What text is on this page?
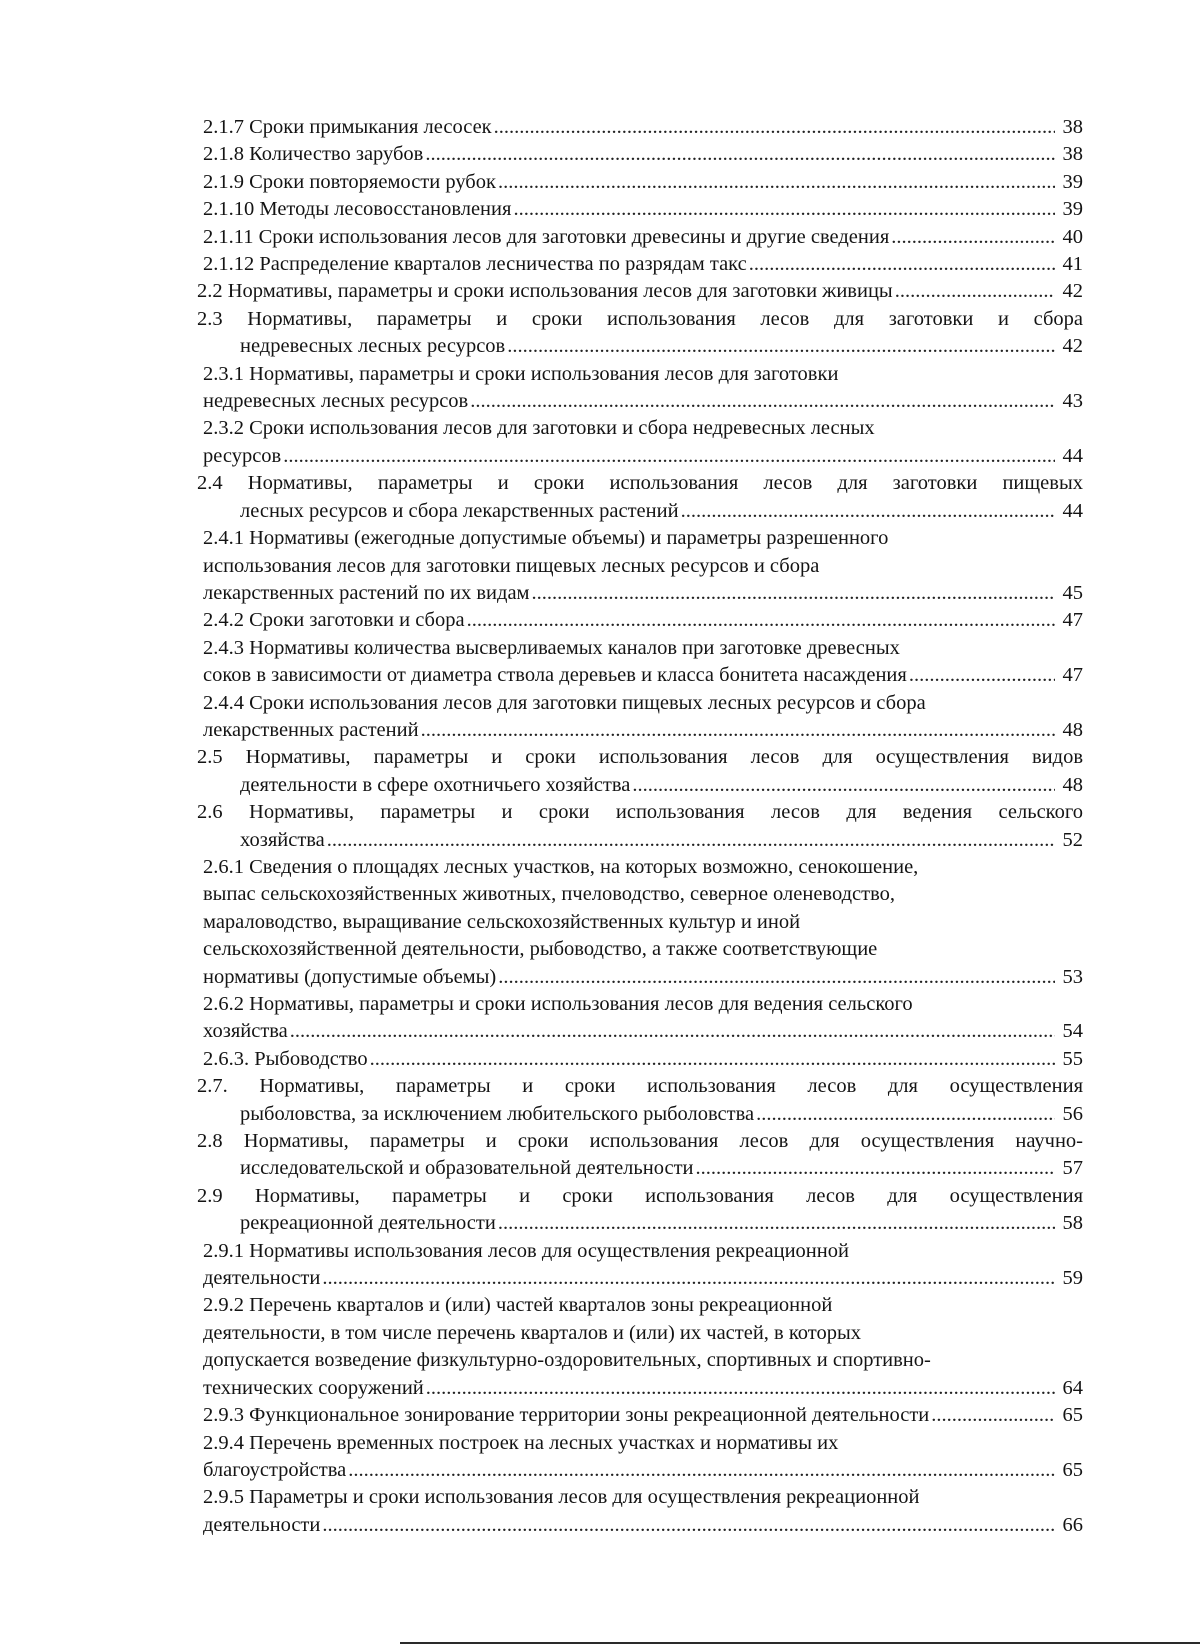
2.1.7 Сроки примыкания лесосек .....	38
2.1.8 Количество зарубов .....	38
2.1.9 Сроки повторяемости рубок .....	39
2.1.10 Методы лесовосстановления .....	39
2.1.11 Сроки использования лесов для заготовки древесины и другие сведения .....	40
2.1.12 Распределение кварталов лесничества по разрядам такс .....	41
2.2 Нормативы, параметры и сроки использования лесов для заготовки живицы .....	42
2.3 Нормативы, параметры и сроки использования лесов для заготовки и сбора
недревесных лесных ресурсов .....	42
2.3.1 Нормативы, параметры и сроки использования лесов для заготовки
недревесных лесных ресурсов .....	43
2.3.2 Сроки использования лесов для заготовки и сбора недревесных лесных
ресурсов .....	44
2.4 Нормативы, параметры и сроки использования лесов для заготовки пищевых
лесных ресурсов и сбора лекарственных растений .....	44
2.4.1 Нормативы (ежегодные допустимые объемы) и параметры разрешенного
использования лесов для заготовки пищевых лесных ресурсов и сбора
лекарственных растений по их видам .....	45
2.4.2 Сроки заготовки и сбора .....	47
2.4.3 Нормативы количества высверливаемых каналов при заготовке древесных
соков в зависимости от диаметра ствола деревьев и класса бонитета насаждения .....	47
2.4.4 Сроки использования лесов для заготовки пищевых лесных ресурсов и сбора
лекарственных растений .....	48
2.5 Нормативы, параметры и сроки использования лесов для осуществления видов
деятельности в сфере охотничьего хозяйства .....	48
2.6 Нормативы, параметры и сроки использования лесов для ведения сельского
хозяйства .....	52
2.6.1 Сведения о площадях лесных участков, на которых возможно, сенокошение,
выпас сельскохозяйственных животных, пчеловодство, северное оленеводство,
мараловодство, выращивание сельскохозяйственных культур и иной
сельскохозяйственной деятельности, рыбоводство, а также соответствующие
нормативы (допустимые объемы) .....	53
2.6.2 Нормативы, параметры и сроки использования лесов для ведения сельского
хозяйства .....	54
2.6.3. Рыбоводство .....	55
2.7. Нормативы, параметры и сроки использования лесов для осуществления
рыболовства, за исключением любительского рыболовства .....	56
2.8 Нормативы, параметры и сроки использования лесов для осуществления научно-
исследовательской и образовательной деятельности .....	57
2.9 Нормативы, параметры и сроки использования лесов для осуществления
рекреационной деятельности .....	58
2.9.1 Нормативы использования лесов для осуществления рекреационной
деятельности .....	59
2.9.2 Перечень кварталов и (или) частей кварталов зоны рекреационной
деятельности, в том числе перечень кварталов и (или) их частей, в которых
допускается возведение физкультурно-оздоровительных, спортивных и спортивно-
технических сооружений .....	64
2.9.3 Функциональное зонирование территории зоны рекреационной деятельности .....	65
2.9.4 Перечень временных построек на лесных участках и нормативы их
благоустройства .....	65
2.9.5 Параметры и сроки использования лесов для осуществления рекреационной
деятельности .....	66
